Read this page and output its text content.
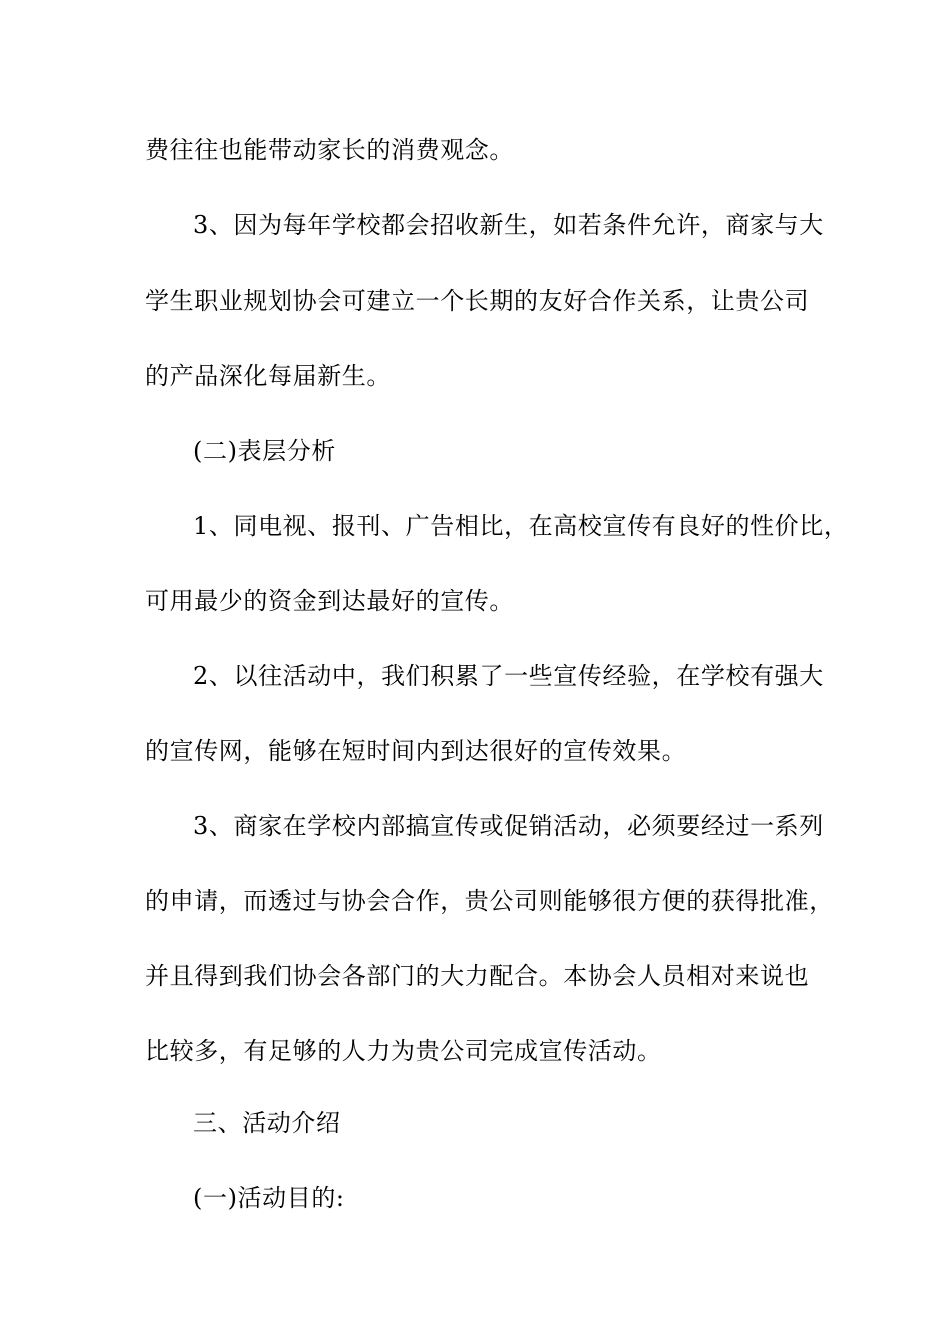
费往往也能带动家长的消费观念。
3、因为每年学校都会招收新生，如若条件允许，商家与大
学生职业规划协会可建立一个长期的友好合作关系，让贵公司
的产品深化每届新生。
(二)表层分析
1、同电视、报刊、广告相比，在高校宣传有良好的性价比，
可用最少的资金到达最好的宣传。
2、以往活动中，我们积累了一些宣传经验，在学校有强大
的宣传网，能够在短时间内到达很好的宣传效果。
3、商家在学校内部搞宣传或促销活动，必须要经过一系列
的申请，而透过与协会合作，贵公司则能够很方便的获得批准，
并且得到我们协会各部门的大力配合。本协会人员相对来说也
比较多，有足够的人力为贵公司完成宣传活动。
三、活动介绍
(一)活动目的:
